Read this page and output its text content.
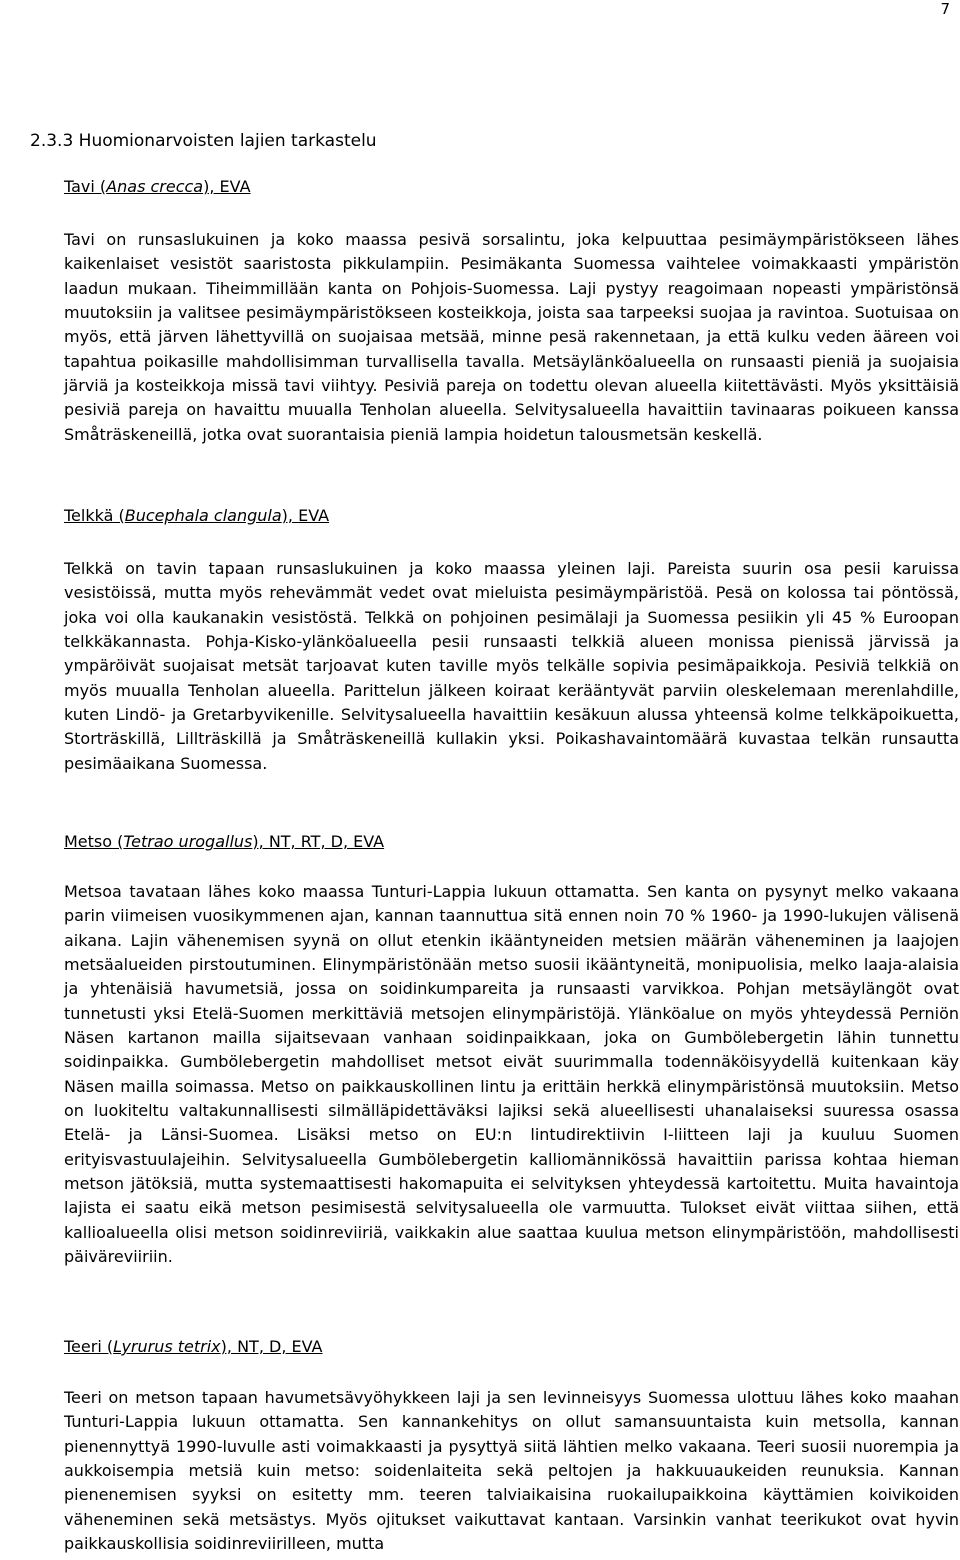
7
2.3.3 Huomionarvoisten lajien tarkastelu
Tavi (Anas crecca), EVA

Tavi on runsaslukuinen ja koko maassa pesivä sorsalintu, joka kelpuuttaa pesimäympäristökseen lähes kaikenlaiset vesistöt saaristosta pikkulampiin. Pesimäkanta Suomessa vaihtelee voimakkaasti ympäristön laadun mukaan. Tiheimmillään kanta on Pohjois-Suomessa. Laji pystyy reagoimaan nopeasti ympäristönsä muutoksiin ja valitsee pesimäympäristökseen kosteikkoja, joista saa tarpeeksi suojaa ja ravintoa. Suotuisaa on myös, että järven lähettyvillä on suojaisaa metsää, minne pesä rakennetaan, ja että kulku veden ääreen voi tapahtua poikasille mahdollisimman turvallisella tavalla. Metsäylänköalueella on runsaasti pieniä ja suojaisia järviä ja kosteikkoja missä tavi viihtyy. Pesiviä pareja on todettu olevan alueella kiitettävästi. Myös yksittäisiä pesiviä pareja on havaittu muualla Tenholan alueella. Selvitysalueella havaittiin tavinaaras poikueen kanssa Småträskeneillä, jotka ovat suorantaisia pieniä lampia hoidetun talousmetsän keskellä.

Telkkä (Bucephala clangula), EVA

Telkkä on tavin tapaan runsaslukuinen ja koko maassa yleinen laji. Pareista suurin osa pesii karuissa vesistöissä, mutta myös rehevämmät vedet ovat mieluista pesimäympäristöä. Pesä on kolossa tai pöntössä, joka voi olla kaukanakin vesistöstä. Telkkä on pohjoinen pesimälaji ja Suomessa pesiikin yli 45 % Euroopan telkkäkannasta. Pohja-Kisko-ylänköalueella pesii runsaasti telkkiä alueen monissa pienissä järvissä ja ympäröivät suojaisat metsät tarjoavat kuten taville myös telkälle sopivia pesimäpaikkoja. Pesiviä telkkiä on myös muualla Tenholan alueella. Parittelun jälkeen koiraat kerääntyvät parviin oleskelemaan merenlahdille, kuten Lindö- ja Gretarbyvikenille. Selvitysalueella havaittiin kesäkuun alussa yhteensä kolme telkkäpoikuetta, Storträskillä, Lillträskillä ja Småträskeneillä kullakin yksi. Poikashavaintomäärä kuvastaa telkän runsautta pesimäaikana Suomessa.

Metso (Tetrao urogallus), NT, RT, D, EVA

Metsoa tavataan lähes koko maassa Tunturi-Lappia lukuun ottamatta. Sen kanta on pysynyt melko vakaana parin viimeisen vuosikymmenen ajan, kannan taannuttua sitä ennen noin 70 % 1960- ja 1990-lukujen välisenä aikana. Lajin vähenemisen syynä on ollut etenkin ikääntyneiden metsien määrän väheneminen ja laajojen metsäalueiden pirstoutuminen. Elinympäristönään metso suosii ikääntyneitä, monipuolisia, melko laaja-alaisia ja yhtenäisiä havumetsiä, jossa on soidinkumpareita ja runsaasti varvikkoa. Pohjan metsäylängöt ovat tunnetusti yksi Etelä-Suomen merkittäviä metsojen elinympäristöjä. Ylänköalue on myös yhteydessä Perniön Näsen kartanon mailla sijaitsevaan vanhaan soidinpaikkaan, joka on Gumbölebergetin lähin tunnettu soidinpaikka. Gumbölebergetin mahdolliset metsot eivät suurimmalla todennäköisyydellä kuitenkaan käy Näsen mailla soimassa. Metso on paikkauskollinen lintu ja erittäin herkkä elinympäristönsä muutoksiin. Metso on luokiteltu valtakunnallisesti silmälläpidettäväksi lajiksi sekä alueellisesti uhanalaiseksi suuressa osassa Etelä- ja Länsi-Suomea. Lisäksi metso on EU:n lintudirektiivin I-liitteen laji ja kuuluu Suomen erityisvastuulajeihin. Selvitysalueella Gumbölebergetin kalliomännikössä havaittiin parissa kohtaa hieman metson jätöksiä, mutta systemaattisesti hakomapuita ei selvityksen yhteydessä kartoitettu. Muita havaintoja lajista ei saatu eikä metson pesimisestä selvitysalueella ole varmuutta. Tulokset eivät viittaa siihen, että kallioalueella olisi metson soidinreviiriä, vaikkakin alue saattaa kuulua metson elinympäristöön, mahdollisesti päiväreviiriin.

Teeri (Lyrurus tetrix), NT, D, EVA

Teeri on metson tapaan havumetsävyöhykkeen laji ja sen levinneisyys Suomessa ulottuu lähes koko maahan Tunturi-Lappia lukuun ottamatta. Sen kannankehitys on ollut samansuuntaista kuin metsolla, kannan pienennyttyä 1990-luvulle asti voimakkaasti ja pysyttyä siitä lähtien melko vakaana. Teeri suosii nuorempia ja aukkoisempia metsiä kuin metso: soidenlaiteita sekä peltojen ja hakkuuaukeiden reunuksia. Kannan pienenemisen syyksi on esitetty mm. teeren talviaikaisina ruokailupaikkoina käyttämien koivikoiden väheneminen sekä metsästys. Myös ojitukset vaikuttavat kantaan. Varsinkin vanhat teerikukot ovat hyvin paikkauskollisia soidinreviirilleen, mutta
